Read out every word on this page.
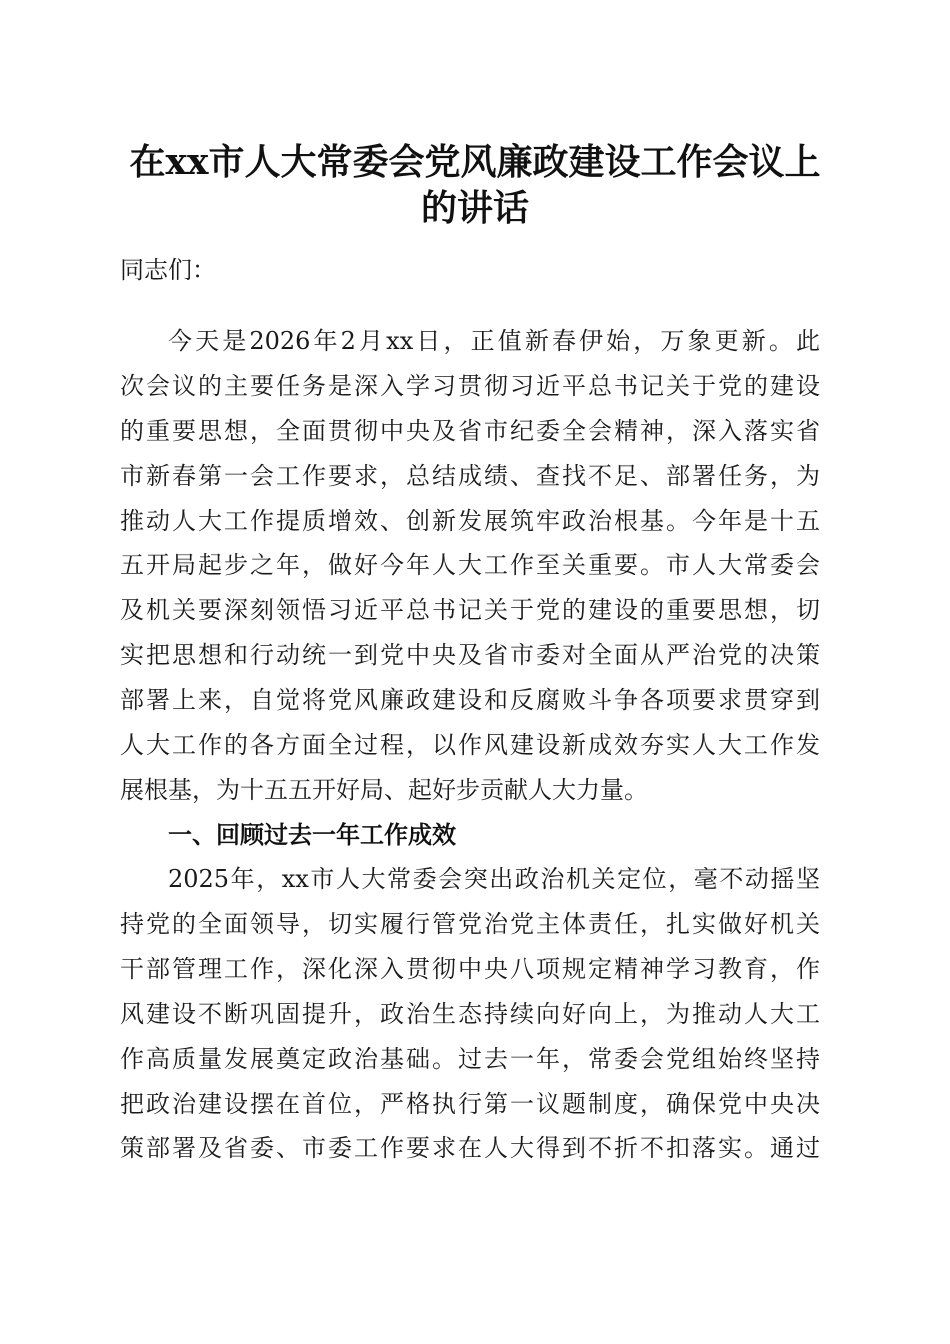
在xx市人大常委会党风廉政建设工作会议上
的讲话

同志们：

今天是2026年2月xx日，正值新春伊始，万象更新。此

次会议的主要任务是深入学习贯彻习近平总书记关于党的建设

的重要思想，全面贯彻中央及省市纪委全会精神，深入落实省

市新春第一会工作要求，总结成绩、查找不足、部署任务，为

推动人大工作提质增效、创新发展筑牢政治根基。今年是十五

五开局起步之年，做好今年人大工作至关重要。市人大常委会

及机关要深刻领悟习近平总书记关于党的建设的重要思想，切

实把思想和行动统一到党中央及省市委对全面从严治党的决策

部署上来，自觉将党风廉政建设和反腐败斗争各项要求贯穿到

人大工作的各方面全过程，以作风建设新成效夯实人大工作发

展根基，为十五五开好局、起好步贡献人大力量。

一、回顾过去一年工作成效

2025年，xx市人大常委会突出政治机关定位，毫不动摇坚

持党的全面领导，切实履行管党治党主体责任，扎实做好机关

干部管理工作，深化深入贯彻中央八项规定精神学习教育，作

风建设不断巩固提升，政治生态持续向好向上，为推动人大工

作高质量发展奠定政治基础。过去一年，常委会党组始终坚持

把政治建设摆在首位，严格执行第一议题制度，确保党中央决

策部署及省委、市委工作要求在人大得到不折不扣落实。通过
